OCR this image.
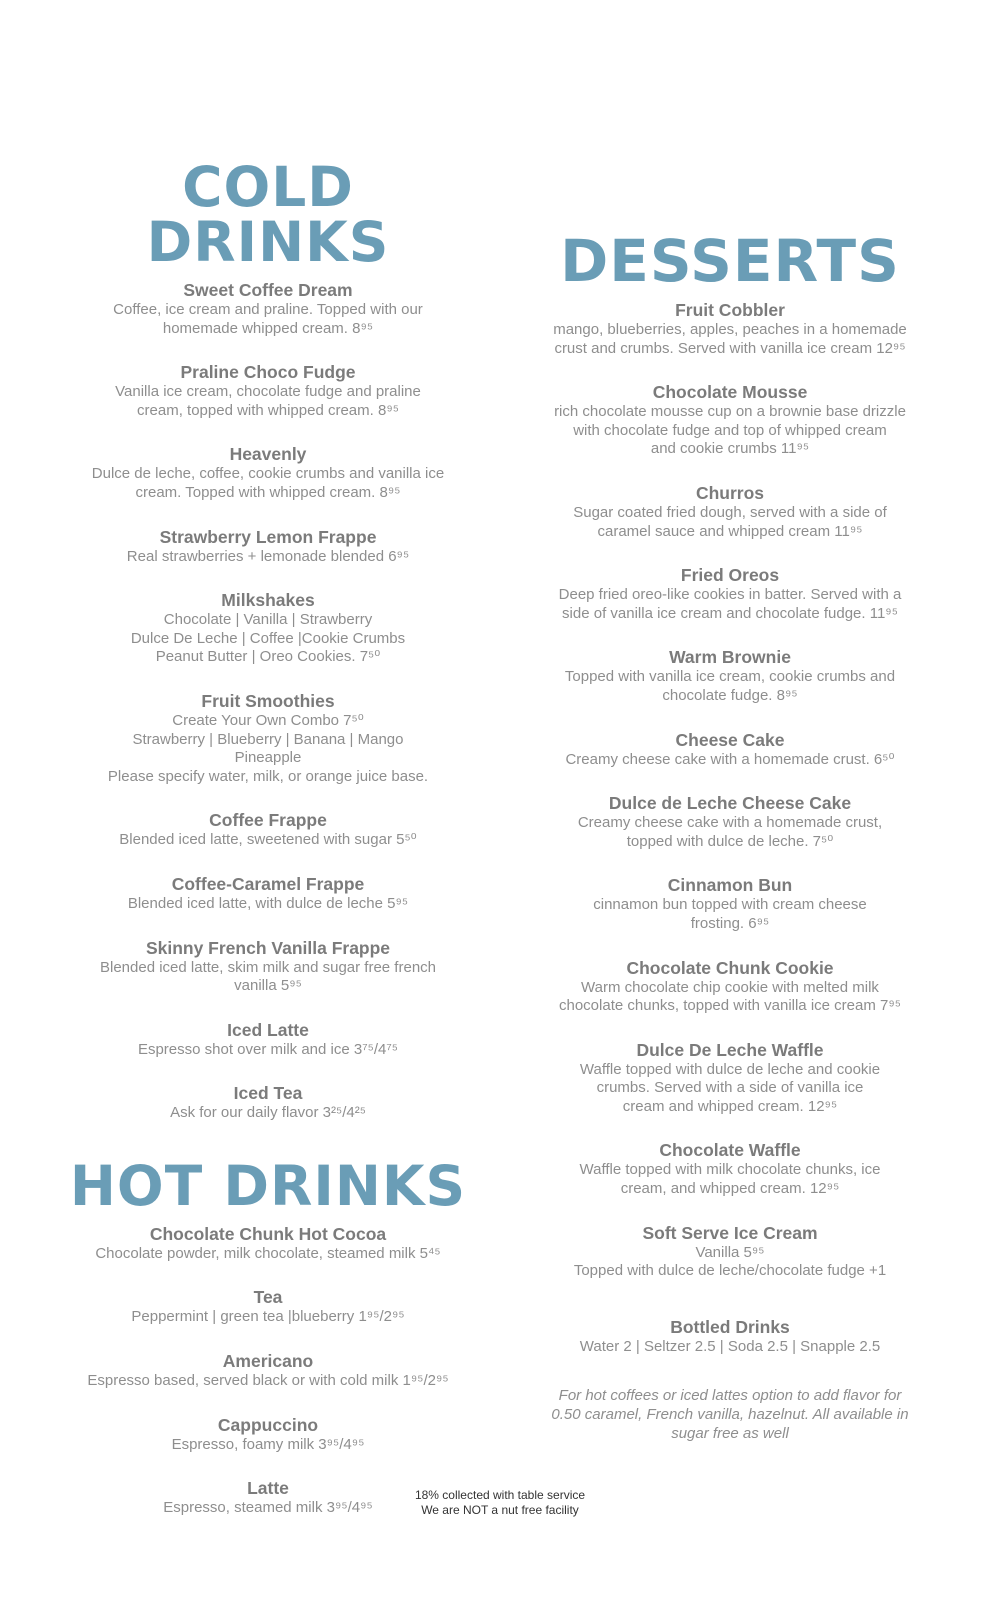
COLD DRINKS
Sweet Coffee Dream
Coffee, ice cream and praline. Topped with our
homemade whipped cream. 8⁹⁵
Praline Choco Fudge
Vanilla ice cream, chocolate fudge and praline
cream, topped with whipped cream. 8⁹⁵
Heavenly
Dulce de leche, coffee, cookie crumbs and vanilla ice
cream. Topped with whipped cream. 8⁹⁵
Strawberry Lemon Frappe
Real strawberries + lemonade blended 6⁹⁵
Milkshakes
Chocolate | Vanilla | Strawberry
Dulce De Leche | Coffee |Cookie Crumbs
Peanut Butter | Oreo Cookies. 7⁵⁰
Fruit Smoothies
Create Your Own Combo 7⁵⁰
Strawberry | Blueberry | Banana | Mango
Pineapple
Please specify water, milk, or orange juice base.
Coffee Frappe
Blended iced latte, sweetened with sugar 5⁵⁰
Coffee-Caramel Frappe
Blended iced latte, with dulce de leche 5⁹⁵
Skinny French Vanilla Frappe
Blended iced latte, skim milk and sugar free french
vanilla 5⁹⁵
Iced Latte
Espresso shot over milk and ice 3⁷⁵/4⁷⁵
Iced Tea
Ask for our daily flavor 3²⁵/4²⁵
HOT DRINKS
Chocolate Chunk Hot Cocoa
Chocolate powder, milk chocolate, steamed milk 5⁴⁵
Tea
Peppermint | green tea |blueberry 1⁹⁵/2⁹⁵
Americano
Espresso based, served black or with cold milk 1⁹⁵/2⁹⁵
Cappuccino
Espresso, foamy milk 3⁹⁵/4⁹⁵
Latte
Espresso, steamed milk 3⁹⁵/4⁹⁵
DESSERTS
Fruit Cobbler
mango, blueberries, apples, peaches in a homemade
crust and crumbs. Served with vanilla ice cream 12⁹⁵
Chocolate Mousse
rich chocolate mousse cup on a brownie base drizzle
with chocolate fudge and top of whipped cream
and cookie crumbs 11⁹⁵
Churros
Sugar coated fried dough, served with a side of
caramel sauce and whipped cream 11⁹⁵
Fried Oreos
Deep fried oreo-like cookies in batter. Served with a
side of vanilla ice cream and chocolate fudge. 11⁹⁵
Warm Brownie
Topped with vanilla ice cream, cookie crumbs and
chocolate fudge. 8⁹⁵
Cheese Cake
Creamy cheese cake with a homemade crust. 6⁵⁰
Dulce de Leche Cheese Cake
Creamy cheese cake with a homemade crust,
topped with dulce de leche. 7⁵⁰
Cinnamon Bun
cinnamon bun topped with cream cheese
frosting. 6⁹⁵
Chocolate Chunk Cookie
Warm chocolate chip cookie with melted milk
chocolate chunks, topped with vanilla ice cream 7⁹⁵
Dulce De Leche Waffle
Waffle topped with dulce de leche and cookie
crumbs. Served with a side of vanilla ice
cream and whipped cream. 12⁹⁵
Chocolate Waffle
Waffle topped with milk chocolate chunks, ice
cream, and whipped cream. 12⁹⁵
Soft Serve Ice Cream
Vanilla 5⁹⁵
Topped with dulce de leche/chocolate fudge +1
Bottled Drinks
Water 2 | Seltzer 2.5 | Soda 2.5 | Snapple 2.5
For hot coffees or iced lattes option to add flavor for
0.50 caramel, French vanilla, hazelnut. All available in
sugar free as well
18% collected with table service
We are NOT a nut free facility
